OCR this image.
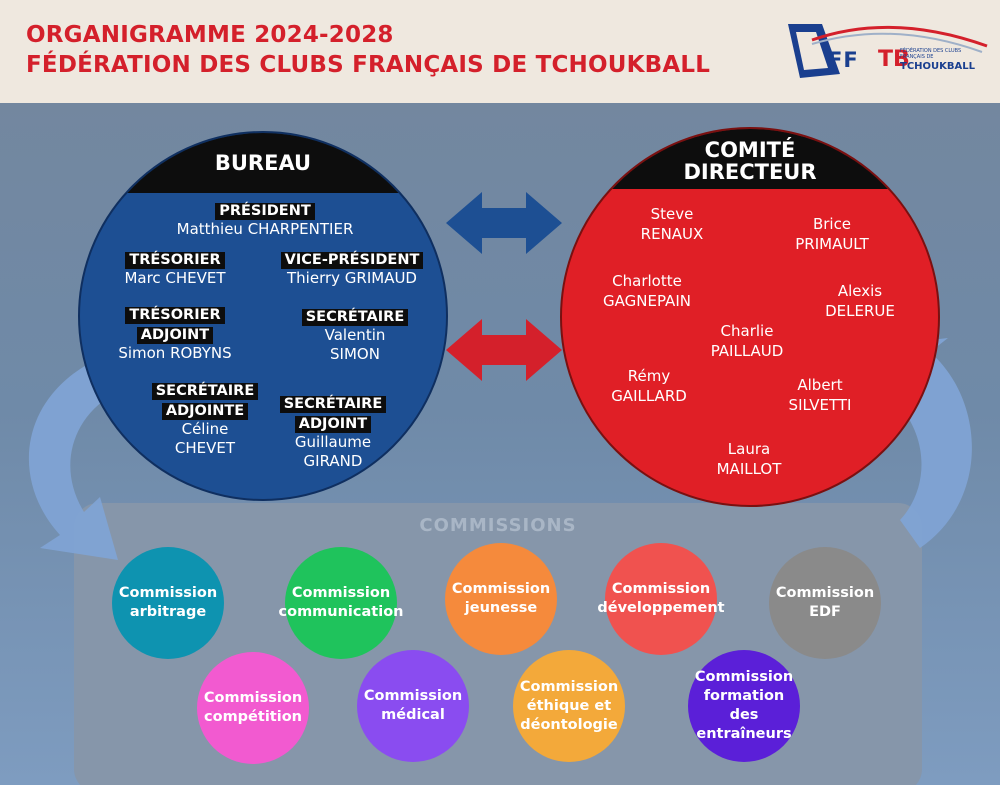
ORGANIGRAMME 2024-2028
FÉDÉRATION DES CLUBS FRANÇAIS DE TCHOUKBALL	FF TB
FÉDÉRATION DES CLUBS FRANÇAIS DE
TCHOUKBALL
COMMISSIONS
BUREAU
PRÉSIDENT
Matthieu CHARPENTIER
TRÉSORIER
Marc CHEVET
VICE-PRÉSIDENT
Thierry GRIMAUD
TRÉSORIER
ADJOINT
Simon ROBYNS
SECRÉTAIRE
Valentin
SIMON
SECRÉTAIRE
ADJOINTE
Céline
CHEVET
SECRÉTAIRE
ADJOINT
Guillaume
GIRAND
COMITÉ
DIRECTEUR
Steve
RENAUX
Brice
PRIMAULT
Charlotte
GAGNEPAIN
Alexis
DELERUE
Charlie
PAILLAUD
Rémy
GAILLARD
Albert
SILVETTI
Laura
MAILLOT
Commission
arbitrage
Commission
communication
Commission
jeunesse
Commission
développement
Commission
EDF
Commission
compétition
Commission
médical
Commission
éthique et
déontologie
Commission
formation des
entraîneurs
